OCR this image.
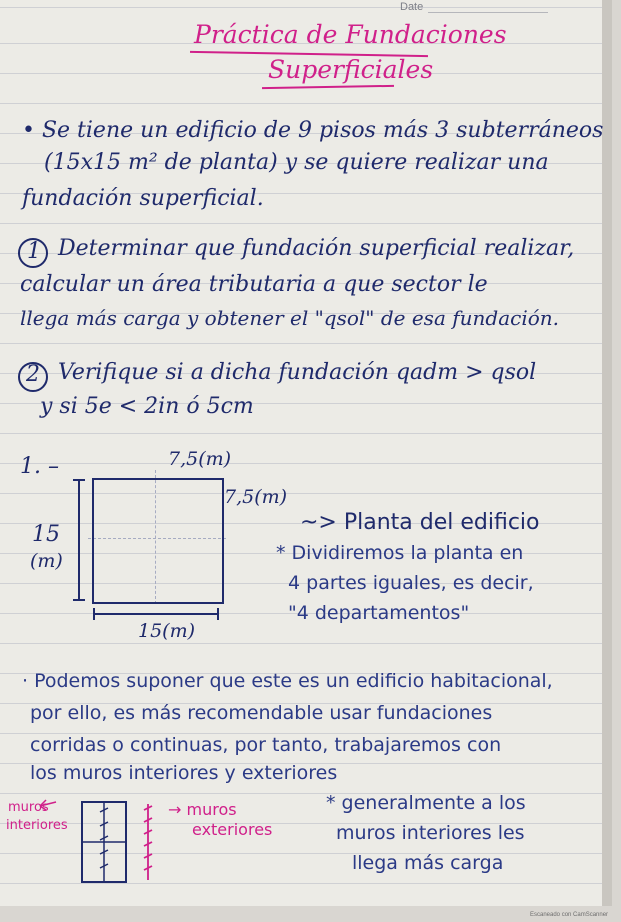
Date
Práctica de Fundaciones
Superficiales
• Se tiene un edificio de 9 pisos más 3 subterráneos
(15x15 m² de planta) y se quiere realizar una
fundación superficial.
1 Determinar que fundación superficial realizar,
calcular un área tributaria a que sector le
llega más carga y obtener el "qsol" de esa fundación.
2 Verifique si a dicha fundación qadm > qsol
y si 5e < 2in ó 5cm
1. –	7,5(m)
7,5(m)
15
(m)
15(m)
~> Planta del edificio
* Dividiremos la planta en
4 partes iguales, es decir,
"4 departamentos"
· Podemos suponer que este es un edificio habitacional,
por ello, es más recomendable usar fundaciones
corridas o continuas, por tanto, trabajaremos con
los muros interiores y exteriores
muros
interiores
→ muros
exteriores
* generalmente a los
muros interiores les
llega más carga
Escaneado con CamScanner
